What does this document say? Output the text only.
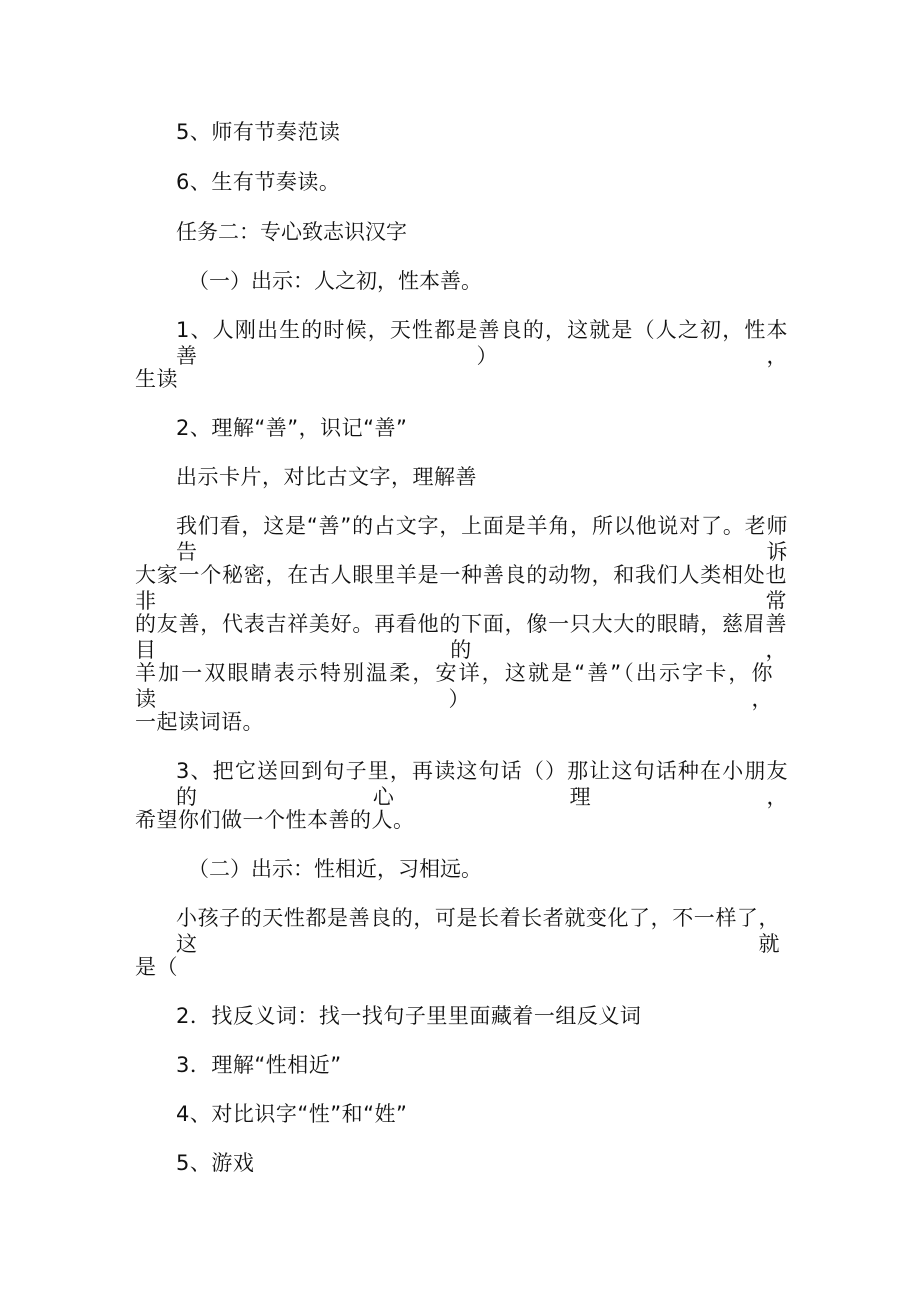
5、师有节奏范读
6、生有节奏读。
任务二：专心致志识汉字
（一）出示：人之初，性本善。
1、人刚出生的时候，天性都是善良的，这就是（人之初，性本善），
生读
2、理解“善”，识记“善”
出示卡片，对比古文字，理解善
我们看，这是“善”的占文字，上面是羊角，所以他说对了。老师告诉
大家一个秘密，在古人眼里羊是一种善良的动物，和我们人类相处也非常
的友善，代表吉祥美好。再看他的下面，像一只大大的眼睛，慈眉善目的，
羊加一双眼睛表示特别温柔，安详，这就是“善”（出示字卡，你读），
一起读词语。
3、把它送回到句子里，再读这句话（）那让这句话种在小朋友的心理，
希望你们做一个性本善的人。
（二）出示：性相近，习相远。
小孩子的天性都是善良的，可是长着长者就变化了，不一样了，这就
是（
2．找反义词：找一找句子里里面藏着一组反义词
3．理解“性相近”
4、对比识字“性”和“姓”
5、游戏
